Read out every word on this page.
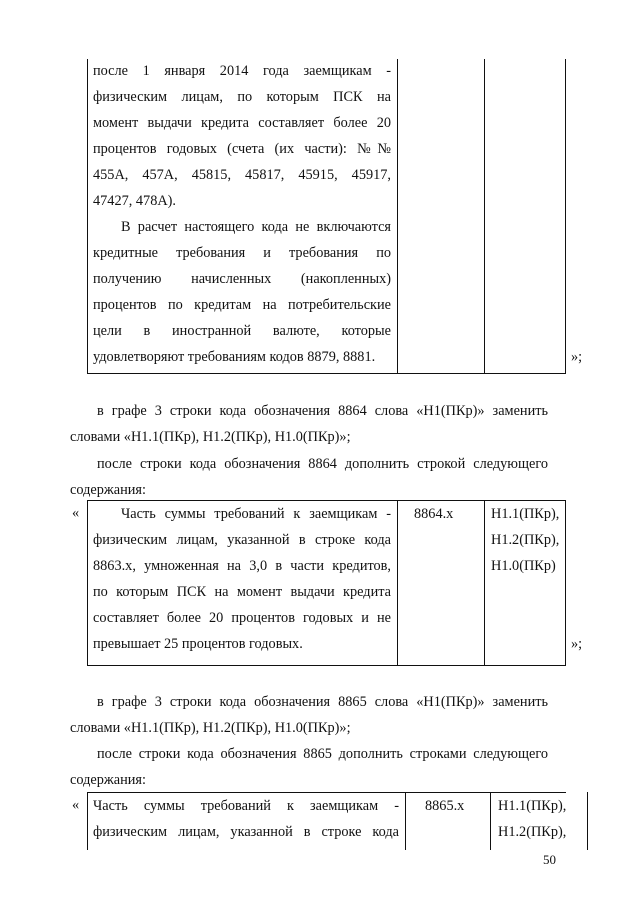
после 1 января 2014 года заемщикам -
физическим лицам, по которым ПСК на
момент выдачи кредита составляет более 20
процентов годовых (счета (их части): №№
455А, 457А, 45815, 45817, 45915, 45917,
47427, 478А).
В расчет настоящего кода не включаются
кредитные требования и требования по
получению начисленных (накопленных)
процентов по кредитам на потребительские
цели в иностранной валюте, которые
удовлетворяют требованиям кодов 8879, 8881.	»;
в графе 3 строки кода обозначения 8864 слова «Н1(ПКр)» заменить
словами «Н1.1(ПКр), Н1.2(ПКр), Н1.0(ПКр)»;
после строки кода обозначения 8864 дополнить строкой следующего
содержания:
«	Часть суммы требований к заемщикам -
физическим лицам, указанной в строке кода
8863.х, умноженная на 3,0 в части кредитов,
по которым ПСК на момент выдачи кредита
составляет более 20 процентов годовых и не
превышает 25 процентов годовых.
8864.х	Н1.1(ПКр),
Н1.2(ПКр),
Н1.0(ПКр)
»;
в графе 3 строки кода обозначения 8865 слова «Н1(ПКр)» заменить
словами «Н1.1(ПКр), Н1.2(ПКр), Н1.0(ПКр)»;
после строки кода обозначения 8865 дополнить строками следующего
содержания:
« Часть суммы требований к заемщикам -
физическим лицам, указанной в строке кода
8865.х Н1.1(ПКр),
Н1.2(ПКр),
50
